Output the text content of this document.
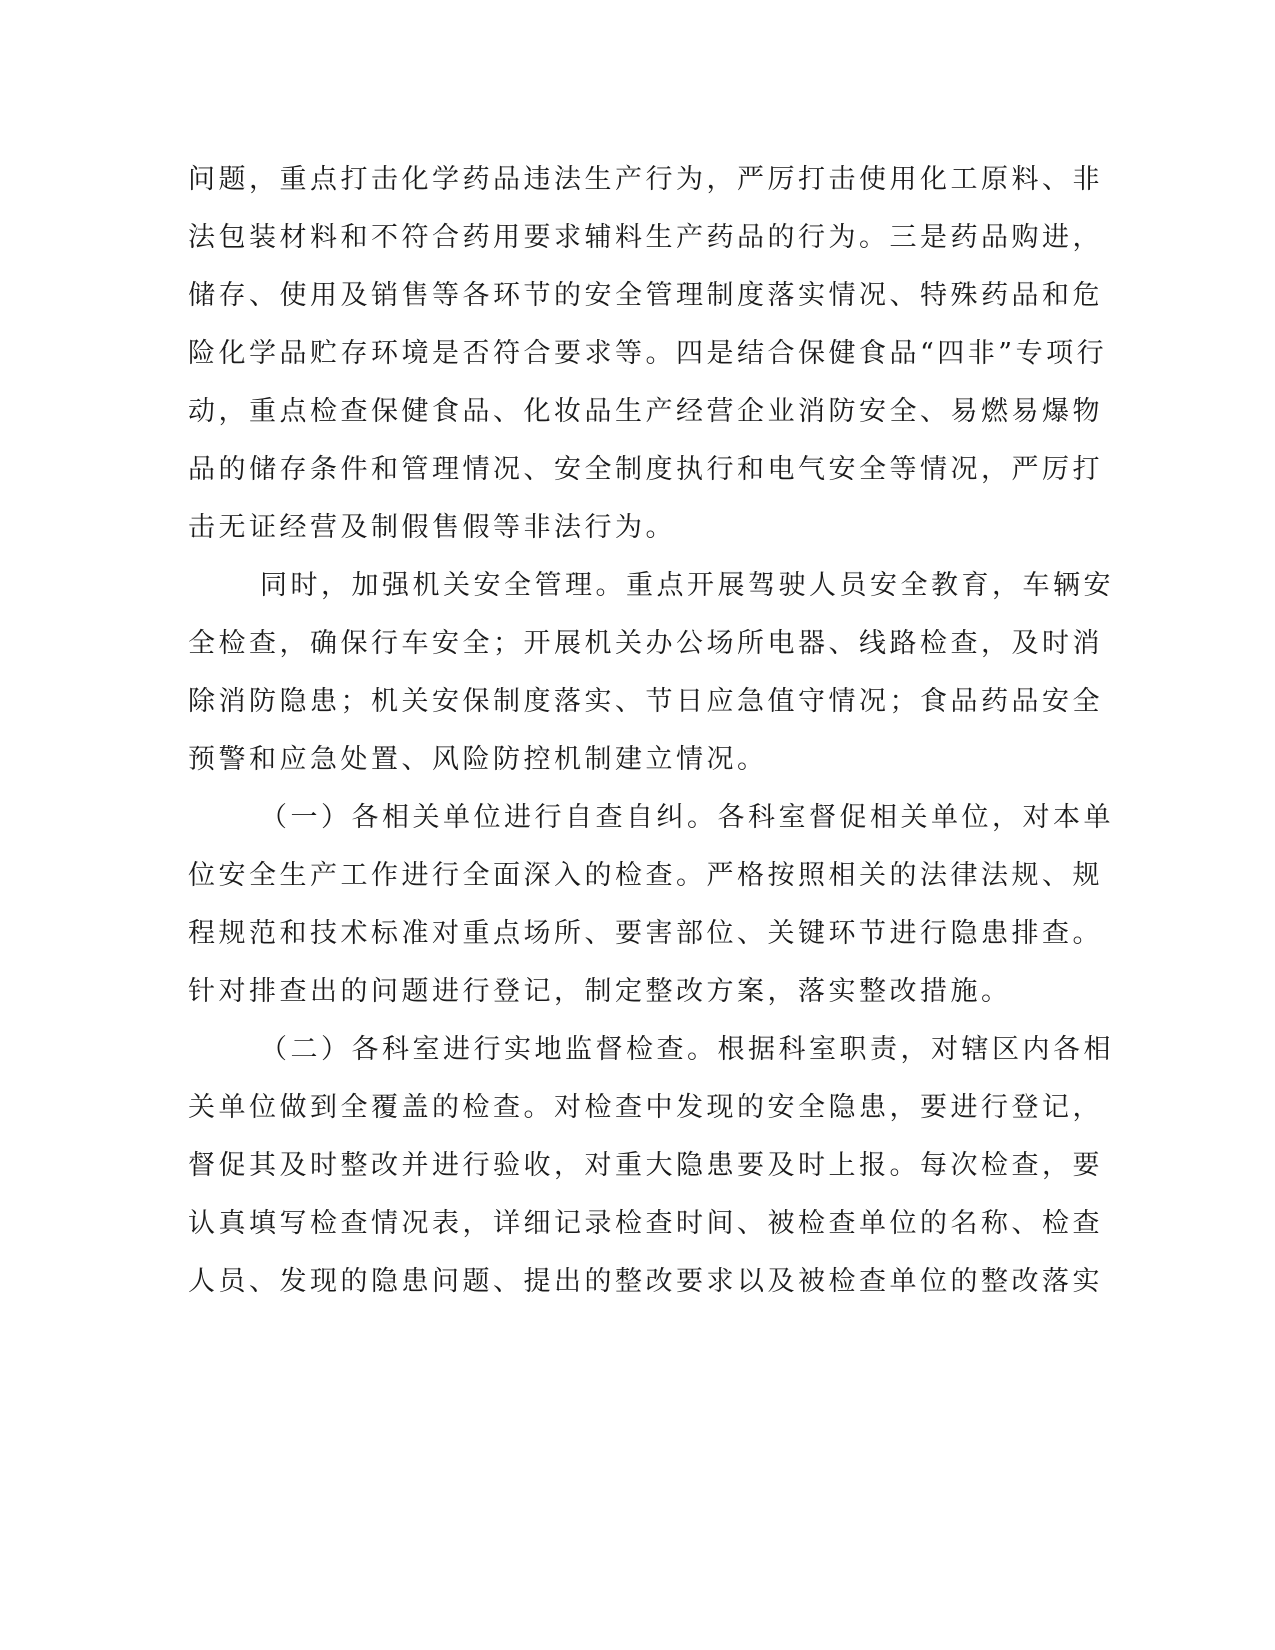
问题，重点打击化学药品违法生产行为，严厉打击使用化工原料、非
法包装材料和不符合药用要求辅料生产药品的行为。三是药品购进，
储存、使用及销售等各环节的安全管理制度落实情况、特殊药品和危
险化学品贮存环境是否符合要求等。四是结合保健食品“四非”专项行
动，重点检查保健食品、化妆品生产经营企业消防安全、易燃易爆物
品的储存条件和管理情况、安全制度执行和电气安全等情况，严厉打
击无证经营及制假售假等非法行为。
同时，加强机关安全管理。重点开展驾驶人员安全教育，车辆安
全检查，确保行车安全；开展机关办公场所电器、线路检查，及时消
除消防隐患；机关安保制度落实、节日应急值守情况；食品药品安全
预警和应急处置、风险防控机制建立情况。
（一）各相关单位进行自查自纠。各科室督促相关单位，对本单
位安全生产工作进行全面深入的检查。严格按照相关的法律法规、规
程规范和技术标准对重点场所、要害部位、关键环节进行隐患排查。
针对排查出的问题进行登记，制定整改方案，落实整改措施。
（二）各科室进行实地监督检查。根据科室职责，对辖区内各相
关单位做到全覆盖的检查。对检查中发现的安全隐患，要进行登记，
督促其及时整改并进行验收，对重大隐患要及时上报。每次检查，要
认真填写检查情况表，详细记录检查时间、被检查单位的名称、检查
人员、发现的隐患问题、提出的整改要求以及被检查单位的整改落实
